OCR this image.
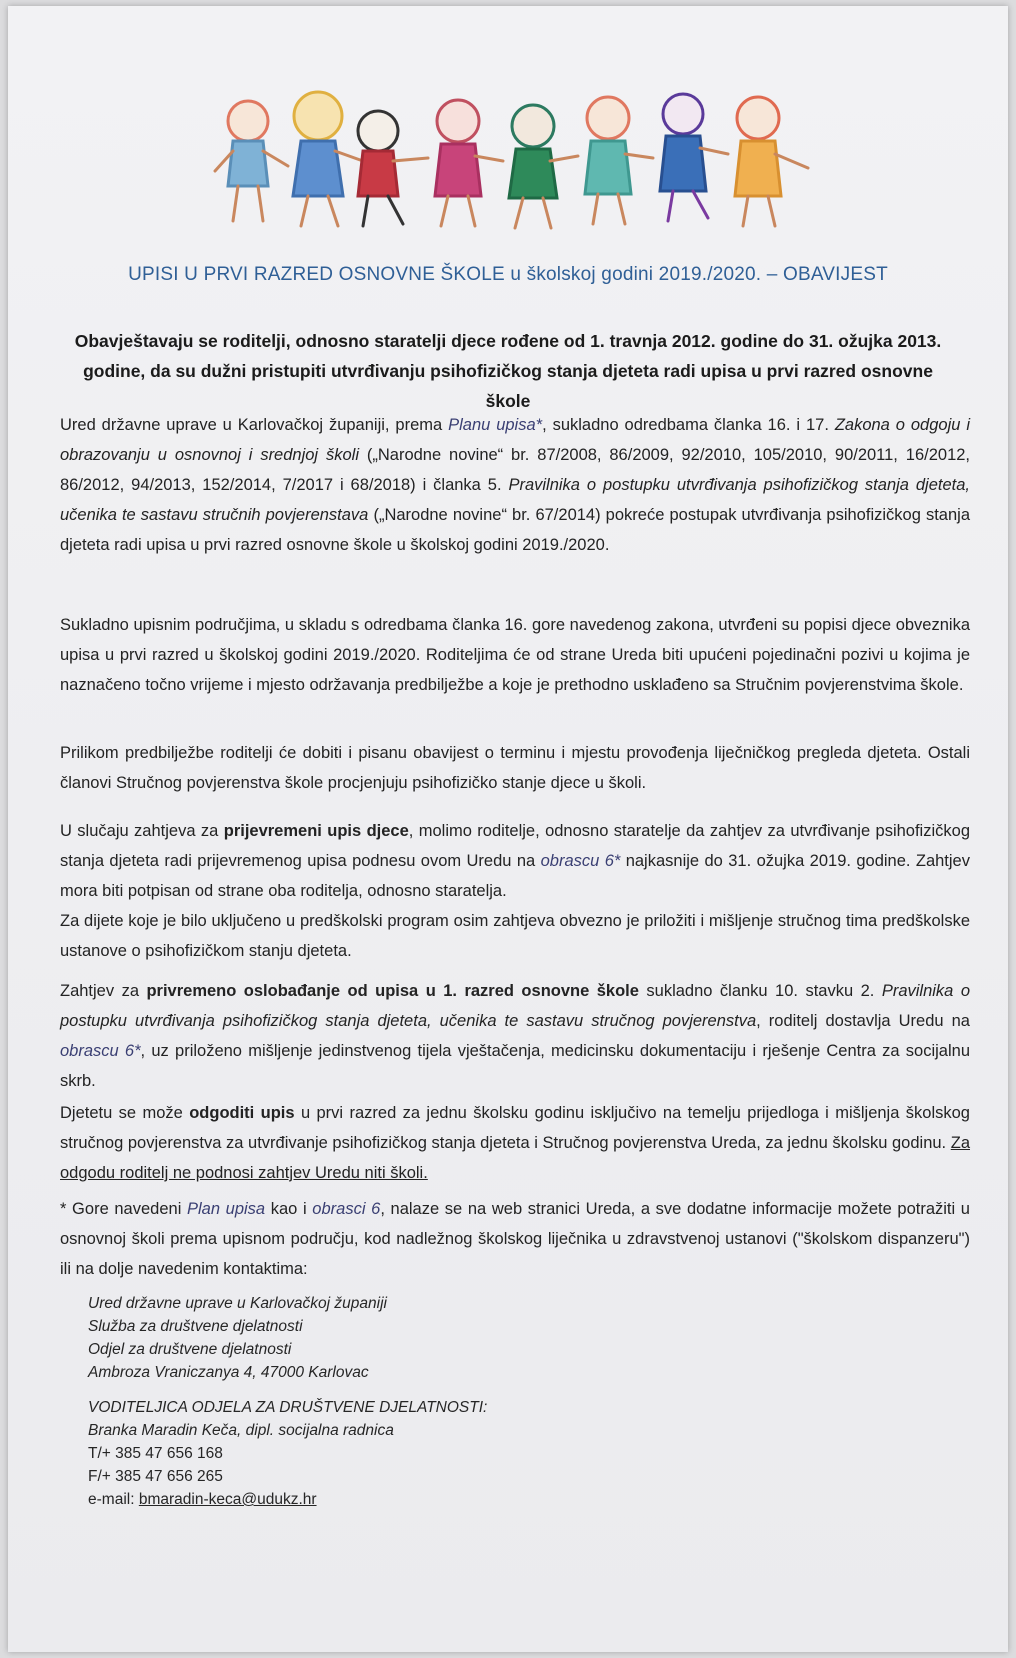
UPISI U PRVI RAZRED OSNOVNE ŠKOLE u školskoj godini 2019./2020. – OBAVIJEST
Obavještavaju se roditelji, odnosno staratelji djece rođene od 1. travnja 2012. godine do 31. ožujka 2013. godine, da su dužni pristupiti utvrđivanju psihofizičkog stanja djeteta radi upisa u prvi razred osnovne škole
Ured državne uprave u Karlovačkoj županiji, prema Planu upisa*, sukladno odredbama članka 16. i 17. Zakona o odgoju i obrazovanju u osnovnoj i srednjoj školi („Narodne novine“ br. 87/2008, 86/2009, 92/2010, 105/2010, 90/2011, 16/2012, 86/2012, 94/2013, 152/2014, 7/2017 i 68/2018) i članka 5. Pravilnika o postupku utvrđivanja psihofizičkog stanja djeteta, učenika te sastavu stručnih povjerenstava („Narodne novine“ br. 67/2014) pokreće postupak utvrđivanja psihofizičkog stanja djeteta radi upisa u prvi razred osnovne škole u školskoj godini 2019./2020.
Sukladno upisnim područjima, u skladu s odredbama članka 16. gore navedenog zakona, utvrđeni su popisi djece obveznika upisa u prvi razred u školskoj godini 2019./2020. Roditeljima će od strane Ureda biti upućeni pojedinačni pozivi u kojima je naznačeno točno vrijeme i mjesto održavanja predbilježbe a koje je prethodno usklađeno sa Stručnim povjerenstvima škole.
Prilikom predbilježbe roditelji će dobiti i pisanu obavijest o terminu i mjestu provođenja liječničkog pregleda djeteta. Ostali članovi Stručnog povjerenstva škole procjenjuju psihofizičko stanje djece u školi.
U slučaju zahtjeva za prijevremeni upis djece, molimo roditelje, odnosno staratelje da zahtjev za utvrđivanje psihofizičkog stanja djeteta radi prijevremenog upisa podnesu ovom Uredu na obrascu 6* najkasnije do 31. ožujka 2019. godine. Zahtjev mora biti potpisan od strane oba roditelja, odnosno staratelja.
Za dijete koje je bilo uključeno u predškolski program osim zahtjeva obvezno je priložiti i mišljenje stručnog tima predškolske ustanove o psihofizičkom stanju djeteta.
Zahtjev za privremeno oslobađanje od upisa u 1. razred osnovne škole sukladno članku 10. stavku 2. Pravilnika o postupku utvrđivanja psihofizičkog stanja djeteta, učenika te sastavu stručnog povjerenstva, roditelj dostavlja Uredu na obrascu 6*, uz priloženo mišljenje jedinstvenog tijela vještačenja, medicinsku dokumentaciju i rješenje Centra za socijalnu skrb.
Djetetu se može odgoditi upis u prvi razred za jednu školsku godinu isključivo na temelju prijedloga i mišljenja školskog stručnog povjerenstva za utvrđivanje psihofizičkog stanja djeteta i Stručnog povjerenstva Ureda, za jednu školsku godinu. Za odgodu roditelj ne podnosi zahtjev Uredu niti školi.
* Gore navedeni Plan upisa kao i obrasci 6, nalaze se na web stranici Ureda, a sve dodatne informacije možete potražiti u osnovnoj školi prema upisnom području, kod nadležnog školskog liječnika u zdravstvenoj ustanovi ("školskom dispanzeru") ili na dolje navedenim kontaktima:
Ured državne uprave u Karlovačkoj županiji
Služba za društvene djelatnosti
Odjel za društvene djelatnosti
Ambroza Vraniczanya 4, 47000 Karlovac
VODITELJICA ODJELA ZA DRUŠTVENE DJELATNOSTI:
Branka Maradin Keča, dipl. socijalna radnica
T/+ 385 47 656 168
F/+ 385 47 656 265
e-mail: bmaradin-keca@udukz.hr
